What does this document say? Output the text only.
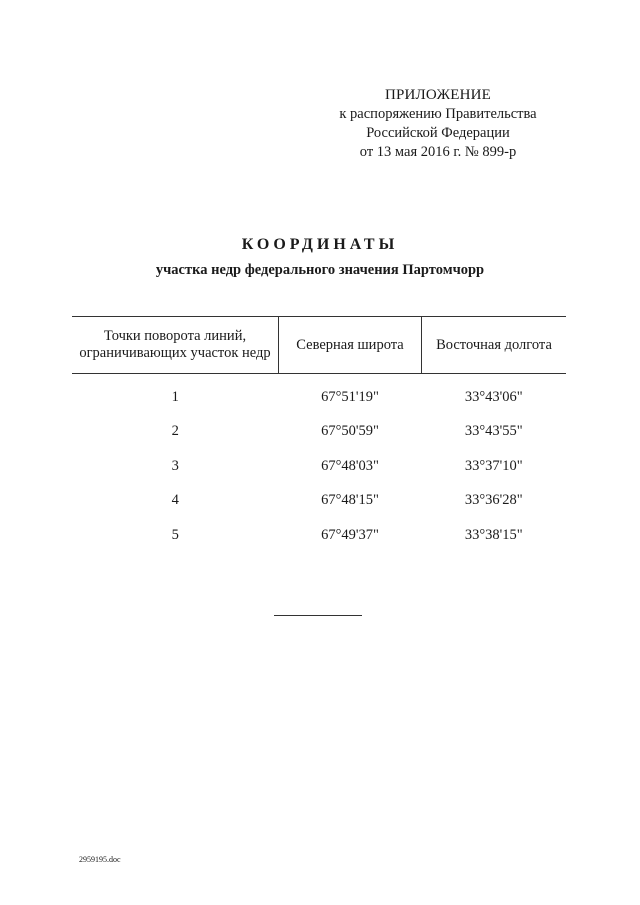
ПРИЛОЖЕНИЕ
к распоряжению Правительства
Российской Федерации
от 13 мая 2016 г. № 899-р
КООРДИНАТЫ
участка недр федерального значения Партомчорр
Точки поворота линий, ограничивающих участок недр	Северная широта	Восточная долгота
1	67°51'19"	33°43'06"
2	67°50'59"	33°43'55"
3	67°48'03"	33°37'10"
4	67°48'15"	33°36'28"
5	67°49'37"	33°38'15"
2959195.doc
